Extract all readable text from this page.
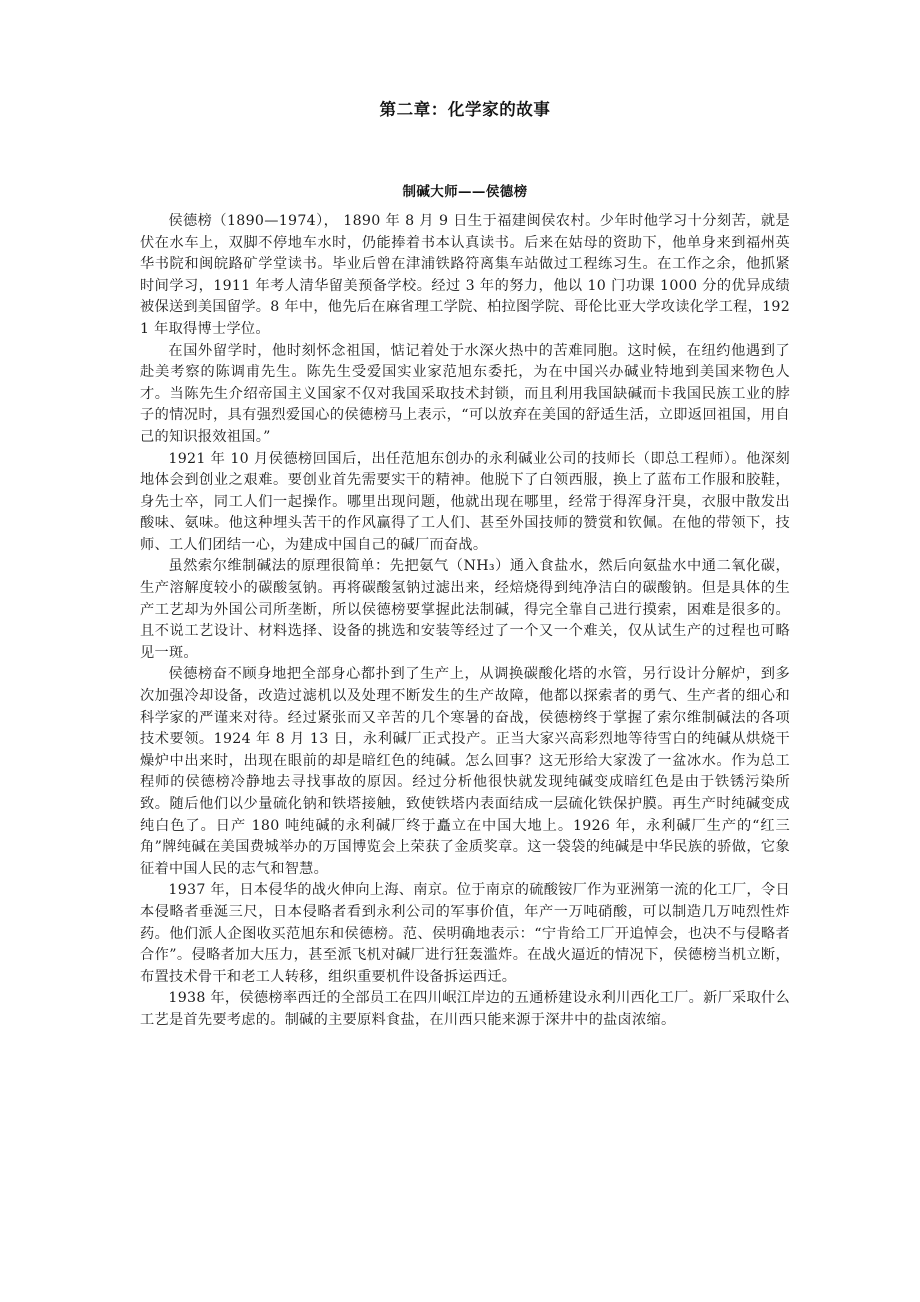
第二章：化学家的故事
制碱大师——侯德榜

侯德榜（1890—1974）， 1890 年 8 月 9 日生于福建闽侯农村。少年时他学习十分刻苦，就是伏在水车上，双脚不停地车水时，仍能捧着书本认真读书。后来在姑母的资助下，他单身来到福州英华书院和闽皖路矿学堂读书。毕业后曾在津浦铁路符离集车站做过工程练习生。在工作之余，他抓紧时间学习，1911 年考人清华留美预备学校。经过 3 年的努力，他以 10 门功课 1000 分的优异成绩被保送到美国留学。8 年中，他先后在麻省理工学院、柏拉图学院、哥伦比亚大学攻读化学工程，1921 年取得博士学位。

在国外留学时，他时刻怀念祖国，惦记着处于水深火热中的苦难同胞。这时候，在纽约他遇到了赴美考察的陈调甫先生。陈先生受爱国实业家范旭东委托，为在中国兴办碱业特地到美国来物色人才。当陈先生介绍帝国主义国家不仅对我国采取技术封锁，而且利用我国缺碱而卡我国民族工业的脖子的情况时，具有强烈爱国心的侯德榜马上表示，“可以放弃在美国的舒适生活，立即返回祖国，用自己的知识报效祖国。”

1921 年 10 月侯德榜回国后，出任范旭东创办的永利碱业公司的技师长（即总工程师）。他深刻地体会到创业之艰难。要创业首先需要实干的精神。他脱下了白领西服，换上了蓝布工作服和胶鞋，身先士卒，同工人们一起操作。哪里出现问题，他就出现在哪里，经常于得浑身汗臭，衣服中散发出酸味、氨味。他这种埋头苦干的作风赢得了工人们、甚至外国技师的赞赏和钦佩。在他的带领下，技师、工人们团结一心，为建成中国自己的碱厂而奋战。

虽然索尔维制碱法的原理很简单：先把氨气（NH₃）通入食盐水，然后向氨盐水中通二氧化碳，生产溶解度较小的碳酸氢钠。再将碳酸氢钠过滤出来，经焙烧得到纯净洁白的碳酸钠。但是具体的生产工艺却为外国公司所垄断，所以侯德榜要掌握此法制碱，得完全靠自己进行摸索，困难是很多的。且不说工艺设计、材料选择、设备的挑选和安装等经过了一个又一个难关，仅从试生产的过程也可略见一斑。

侯德榜奋不顾身地把全部身心都扑到了生产上，从调换碳酸化塔的水管，另行设计分解炉，到多次加强冷却设备，改造过滤机以及处理不断发生的生产故障，他都以探索者的勇气、生产者的细心和科学家的严谨来对待。经过紧张而又辛苦的几个寒暑的奋战，侯德榜终于掌握了索尔维制碱法的各项技术要领。1924 年 8 月 13 日，永利碱厂正式投产。正当大家兴高彩烈地等待雪白的纯碱从烘烧干燥炉中出来时，出现在眼前的却是暗红色的纯碱。怎么回事？这无形给大家泼了一盆冰水。作为总工程师的侯德榜冷静地去寻找事故的原因。经过分析他很快就发现纯碱变成暗红色是由于铁锈污染所致。随后他们以少量硫化钠和铁塔接触，致使铁塔内表面结成一层硫化铁保护膜。再生产时纯碱变成纯白色了。日产 180 吨纯碱的永利碱厂终于矗立在中国大地上。1926 年，永利碱厂生产的“红三角”牌纯碱在美国费城举办的万国博览会上荣获了金质奖章。这一袋袋的纯碱是中华民族的骄做，它象征着中国人民的志气和智慧。

1937 年，日本侵华的战火伸向上海、南京。位于南京的硫酸铵厂作为亚洲第一流的化工厂，令日本侵略者垂涎三尺，日本侵略者看到永利公司的军事价值，年产一万吨硝酸，可以制造几万吨烈性炸药。他们派人企图收买范旭东和侯德榜。范、侯明确地表示：“宁肯给工厂开追悼会，也决不与侵略者合作”。侵略者加大压力，甚至派飞机对碱厂进行狂轰滥炸。在战火逼近的情况下，侯德榜当机立断，布置技术骨干和老工人转移，组织重要机件设备拆运西迁。

1938 年，侯德榜率西迁的全部员工在四川岷江岸边的五通桥建设永利川西化工厂。新厂采取什么工艺是首先要考虑的。制碱的主要原料食盐，在川西只能来源于深井中的盐卤浓缩。
